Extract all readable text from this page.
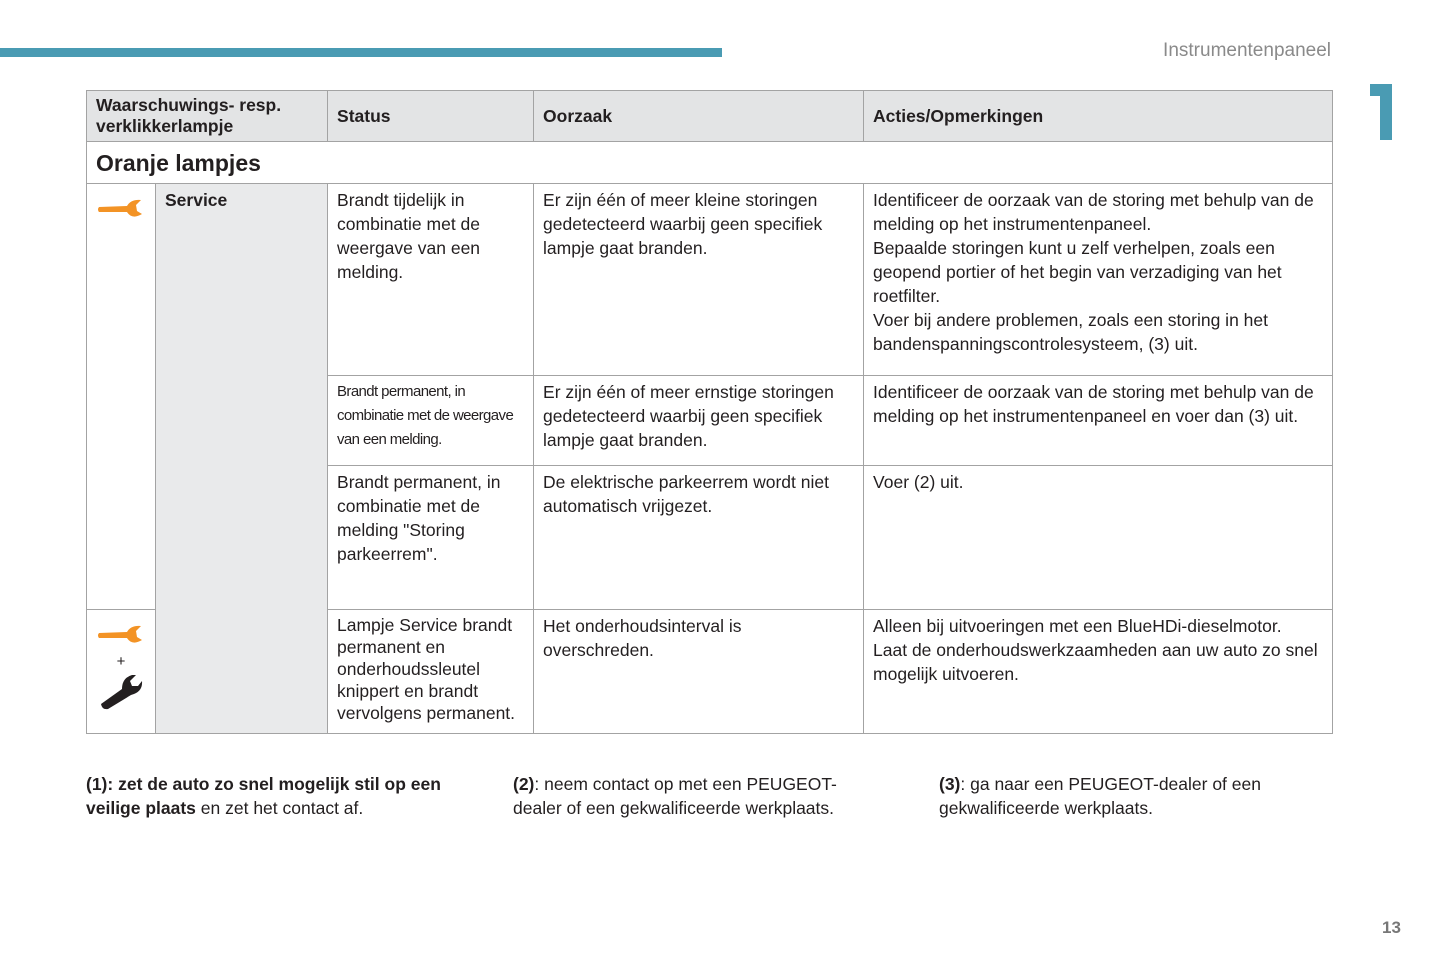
Instrumentenpaneel
Waarschuwings- resp. verklikkerlampje		Status	Oorzaak	Acties/Opmerkingen
Oranje lampjes				
	Service	Brandt tijdelijk in combinatie met de weergave van een melding.	Er zijn één of meer kleine storingen gedetecteerd waarbij geen specifiek lampje gaat branden.	Identificeer de oorzaak van de storing met behulp van de melding op het instrumentenpaneel.
Bepaalde storingen kunt u zelf verhelpen, zoals een geopend portier of het begin van verzadiging van het roetfilter.
Voer bij andere problemen, zoals een storing in het bandenspanningscontrolesysteem, (3) uit.

		Brandt permanent, in combinatie met de weergave van een melding.	Er zijn één of meer ernstige storingen gedetecteerd waarbij geen specifiek lampje gaat branden.	Identificeer de oorzaak van de storing met behulp van de melding op het instrumentenpaneel en voer dan (3) uit.
		Brandt permanent, in combinatie met de melding "Storing parkeerrem".	De elektrische parkeerrem wordt niet automatisch vrijgezet.	Voer (2) uit.

+		Lampje Service brandt permanent en onderhoudssleutel knippert en brandt vervolgens permanent.	Het onderhoudsinterval is overschreden.	Alleen bij uitvoeringen met een BlueHDi-dieselmotor.
Laat de onderhoudswerkzaamheden aan uw auto zo snel mogelijk uitvoeren.
(1): zet de auto zo snel mogelijk stil op een veilige plaats en zet het contact af.
(2): neem contact op met een PEUGEOT-dealer of een gekwalificeerde werkplaats.
(3): ga naar een PEUGEOT-dealer of een gekwalificeerde werkplaats.
13
